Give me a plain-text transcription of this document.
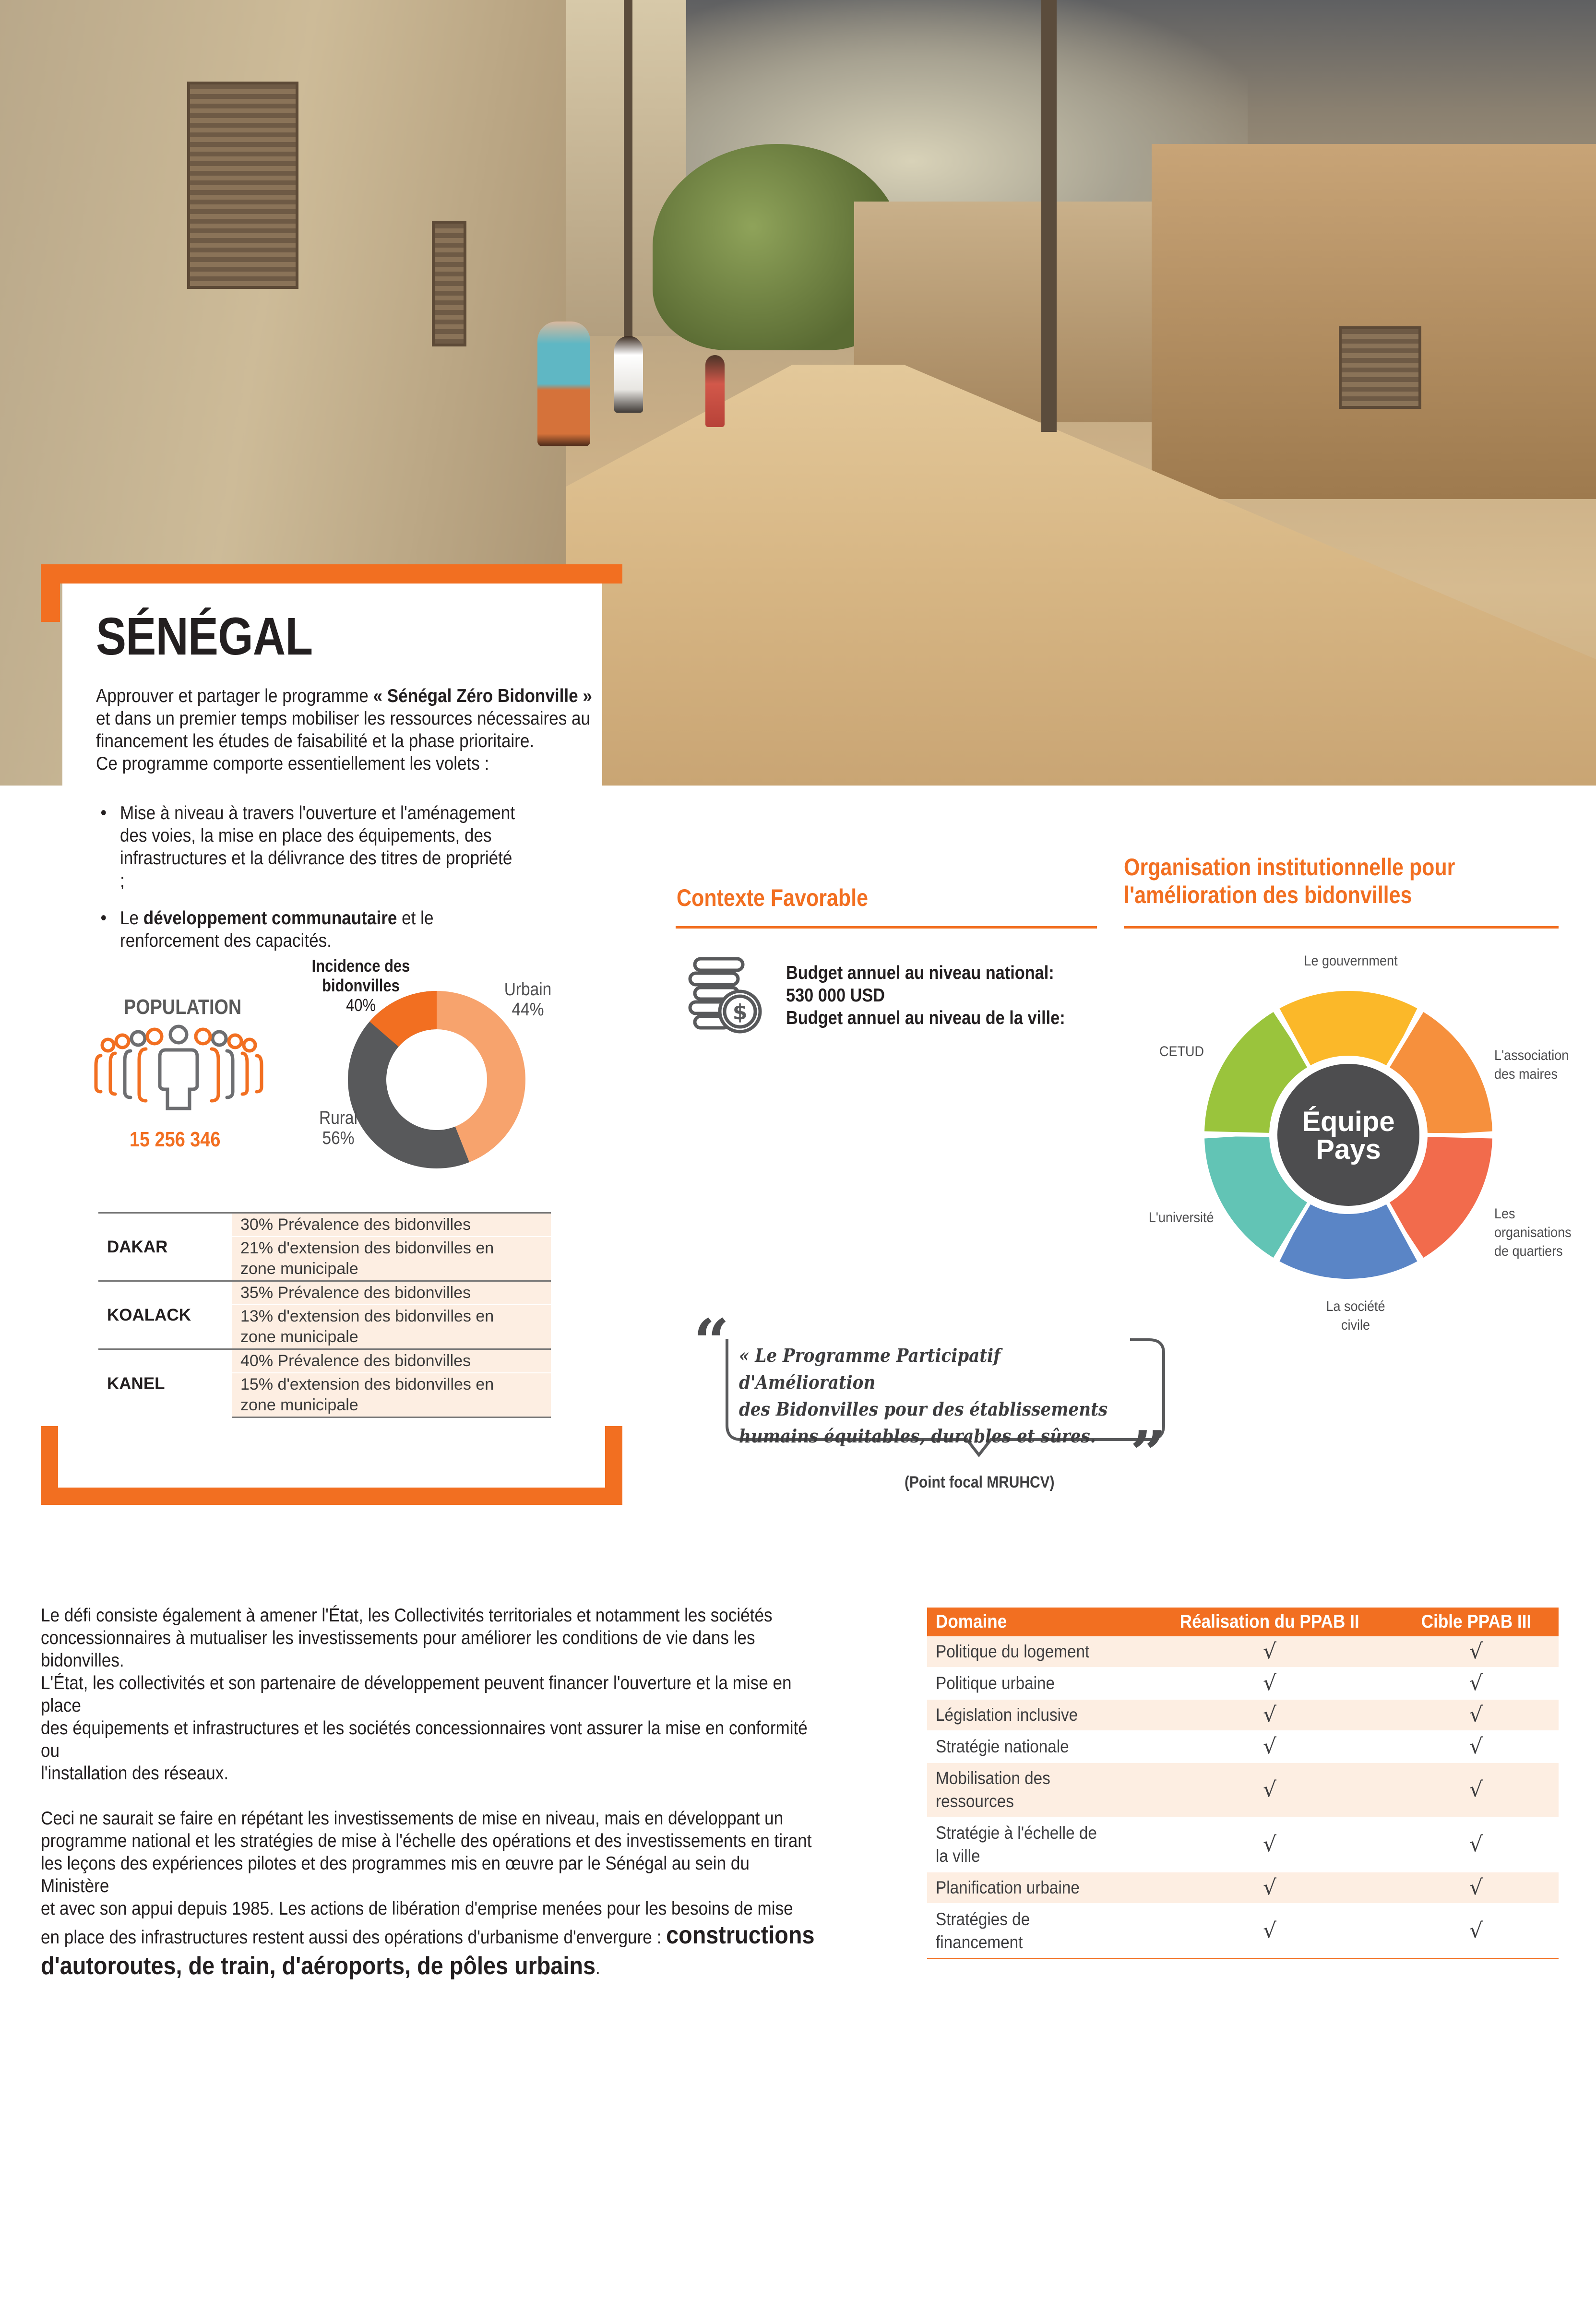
SÉNÉGAL
Approuver et partager le programme « Sénégal Zéro Bidonville »
et dans un premier temps mobiliser les ressources nécessaires au
financement les études de faisabilité et la phase prioritaire.
Ce programme comporte essentiellement les volets :
• Mise à niveau à travers l'ouverture et l'aménagement des voies, la mise en place des équipements, des infrastructures et la délivrance des titres de propriété ;
• Le développement communautaire et le renforcement des capacités.
POPULATION
15 256 346
Incidence des
bidonvilles
40%
Urbain
44%
Rural
56%
DAKAR	30% Prévalence des bidonvilles
	21% d'extension des bidonvilles en zone municipale
KOALACK	35% Prévalence des bidonvilles
	13% d'extension des bidonvilles en zone municipale
KANEL	40% Prévalence des bidonvilles
	15% d'extension des bidonvilles en zone municipale
Contexte Favorable
$
Budget annuel au niveau national:
530 000 USD
Budget annuel au niveau de la ville:
Organisation institutionnelle pour
l'amélioration des bidonvilles
Équipe
Pays
Le gouvernment
L'association des maires
Les organisations de quartiers
La société civile
L'université
CETUD
“
”
« Le Programme Participatif d'Amélioration
des Bidonvilles pour des établissements
humains équitables, durables et sûres.
(Point focal MRUHCV)

Le défi consiste également à amener l'État, les Collectivités territoriales et notamment les sociétés
concessionnaires à mutualiser les investissements pour améliorer les conditions de vie dans les bidonvilles.
L'État, les collectivités et son partenaire de développement peuvent financer l'ouverture et la mise en place
des équipements et infrastructures et les sociétés concessionnaires vont assurer la mise en conformité ou
l'installation des réseaux.

Ceci ne saurait se faire en répétant les investissements de mise en niveau, mais en développant un
programme national et les stratégies de mise à l'échelle des opérations et des investissements en tirant
les leçons des expériences pilotes et des programmes mis en œuvre par le Sénégal au sein du Ministère
et avec son appui depuis 1985. Les actions de libération d'emprise menées pour les besoins de mise
en place des infrastructures restent aussi des opérations d'urbanisme d'envergure : constructions
d'autoroutes, de train, d'aéroports, de pôles urbains.

Domaine	Réalisation du PPAB II	Cible PPAB III
Politique du logement	√	√
Politique urbaine	√	√
Législation inclusive	√	√
Stratégie nationale	√	√
Mobilisation des ressources	√	√
Stratégie à l'échelle de la ville	√	√
Planification urbaine	√	√
Stratégies de financement	√	√
